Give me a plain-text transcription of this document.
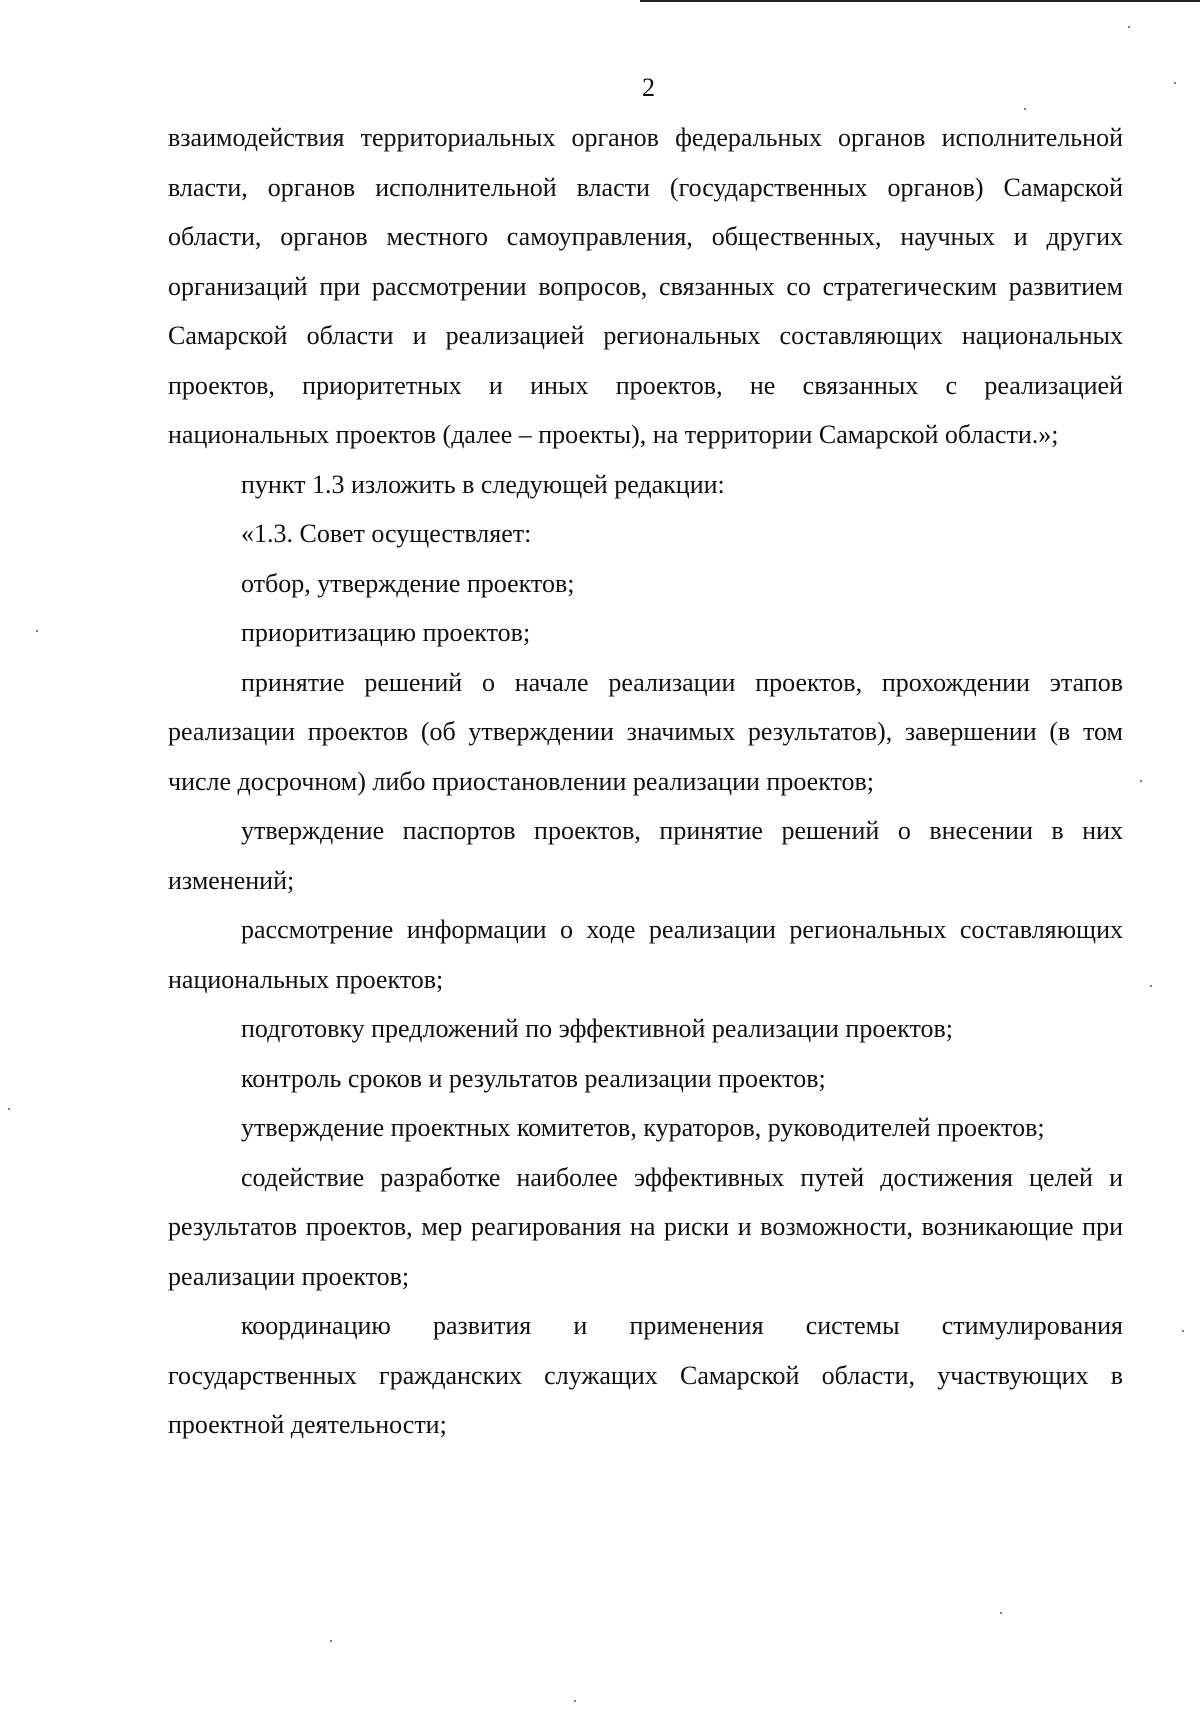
2

взаимодействия территориальных органов федеральных органов исполнительной власти, органов исполнительной власти (государственных органов) Самарской области, органов местного самоуправления, общественных, научных и других организаций при рассмотрении вопросов, связанных со стратегическим развитием Самарской области и реализацией региональных составляющих национальных проектов, приоритетных и иных проектов, не связанных с реализацией национальных проектов (далее – проекты), на территории Самарской области.»;

пункт 1.3 изложить в следующей редакции:

«1.3. Совет осуществляет:

отбор, утверждение проектов;

приоритизацию проектов;

принятие решений о начале реализации проектов, прохождении этапов реализации проектов (об утверждении значимых результатов), завершении (в том числе досрочном) либо приостановлении реализации проектов;

утверждение паспортов проектов, принятие решений о внесении в них изменений;

рассмотрение информации о ходе реализации региональных составляющих национальных проектов;

подготовку предложений по эффективной реализации проектов;

контроль сроков и результатов реализации проектов;

утверждение проектных комитетов, кураторов, руководителей проектов;

содействие разработке наиболее эффективных путей достижения целей и результатов проектов, мер реагирования на риски и возможности, возникающие при реализации проектов;

координацию развития и применения системы стимулирования государственных гражданских служащих Самарской области, участвующих в проектной деятельности;
